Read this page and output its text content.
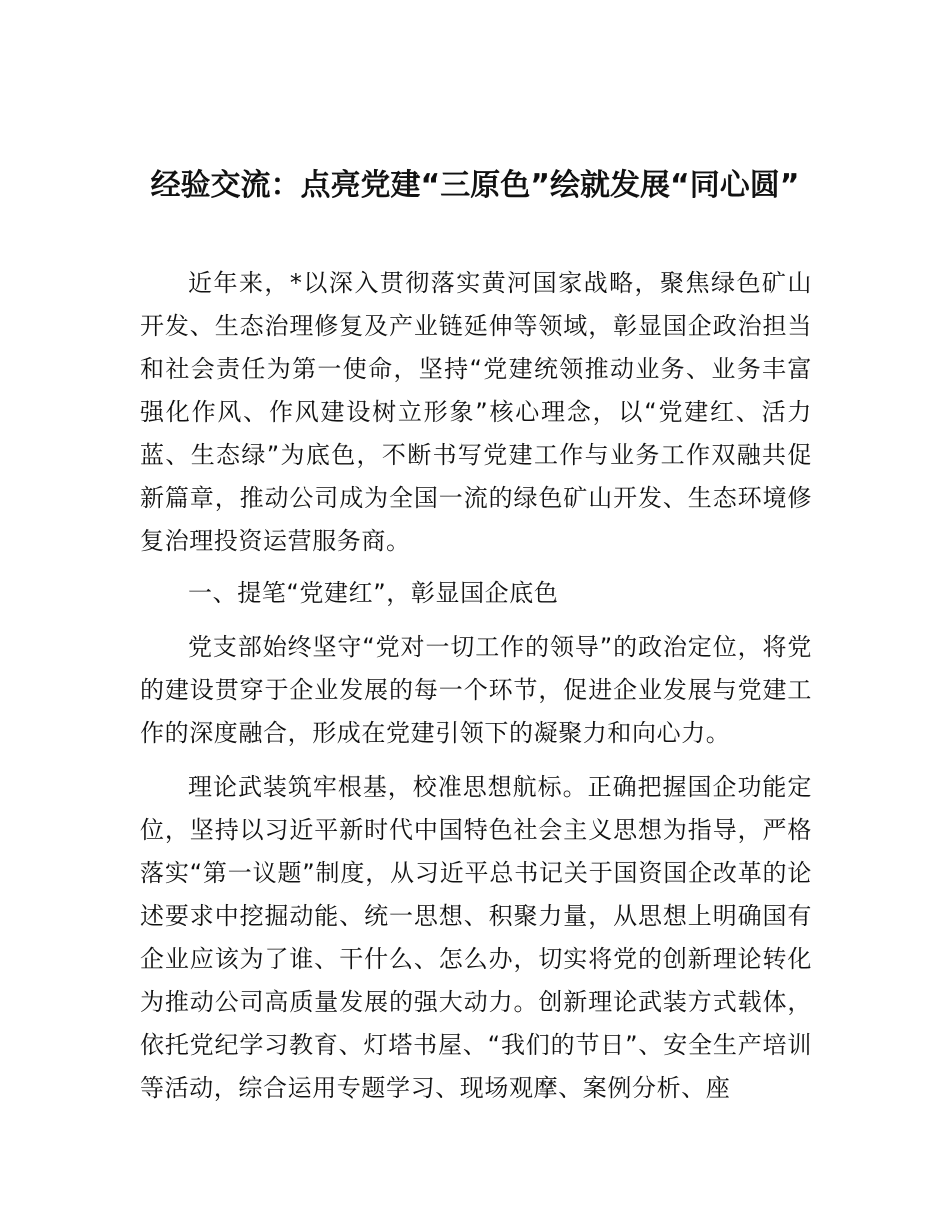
经验交流：点亮党建“三原色”绘就发展“同心圆”

近年来，*以深入贯彻落实黄河国家战略，聚焦绿色矿山开发、生态治理修复及产业链延伸等领域，彰显国企政治担当和社会责任为第一使命，坚持“党建统领推动业务、业务丰富强化作风、作风建设树立形象”核心理念，以“党建红、活力蓝、生态绿”为底色，不断书写党建工作与业务工作双融共促新篇章，推动公司成为全国一流的绿色矿山开发、生态环境修复治理投资运营服务商。

一、提笔“党建红”，彰显国企底色

党支部始终坚守“党对一切工作的领导”的政治定位，将党的建设贯穿于企业发展的每一个环节，促进企业发展与党建工作的深度融合，形成在党建引领下的凝聚力和向心力。

理论武装筑牢根基，校准思想航标。正确把握国企功能定位，坚持以习近平新时代中国特色社会主义思想为指导，严格落实“第一议题”制度，从习近平总书记关于国资国企改革的论述要求中挖掘动能、统一思想、积聚力量，从思想上明确国有企业应该为了谁、干什么、怎么办，切实将党的创新理论转化为推动公司高质量发展的强大动力。创新理论武装方式载体，依托党纪学习教育、灯塔书屋、“我们的节日”、安全生产培训等活动，综合运用专题学习、现场观摩、案例分析、座
